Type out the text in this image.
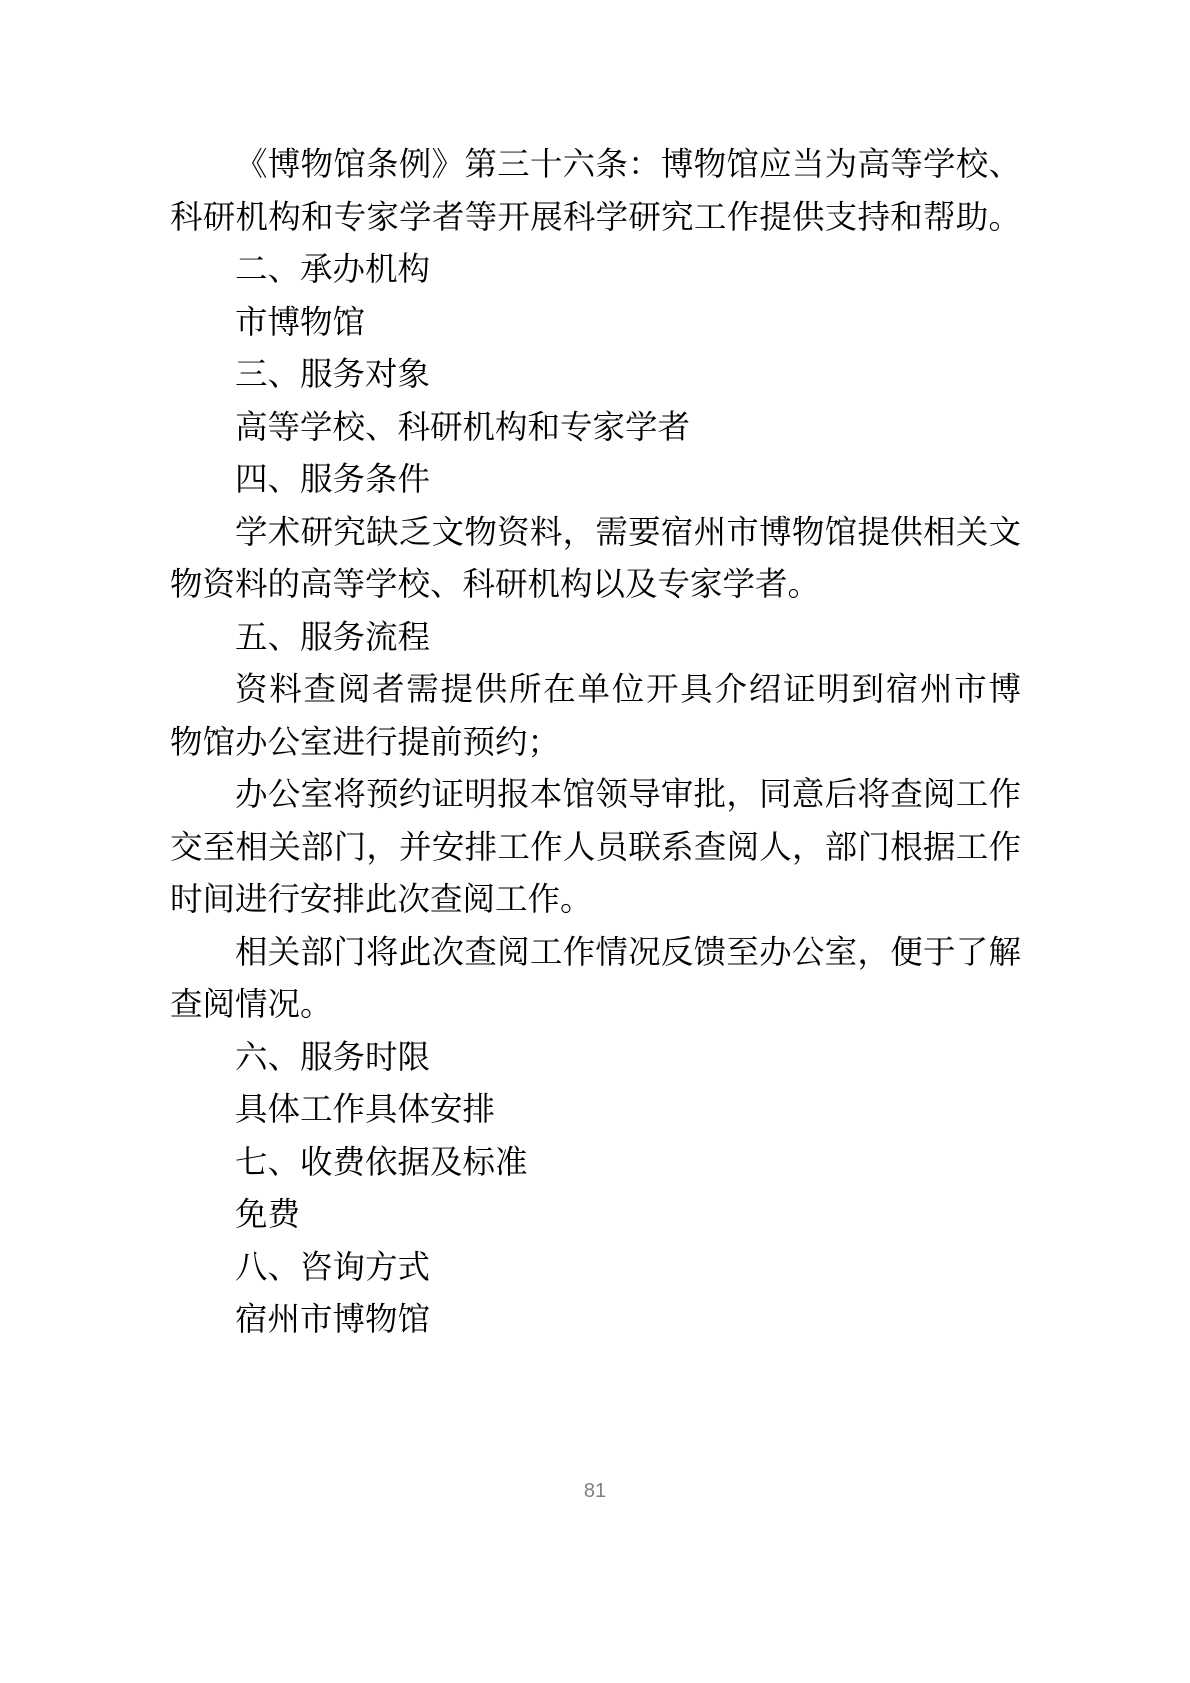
《博物馆条例》第三十六条：博物馆应当为高等学校、
科研机构和专家学者等开展科学研究工作提供支持和帮助。
二、承办机构
市博物馆
三、服务对象
高等学校、科研机构和专家学者
四、服务条件
学术研究缺乏文物资料，需要宿州市博物馆提供相关文
物资料的高等学校、科研机构以及专家学者。
五、服务流程
资料查阅者需提供所在单位开具介绍证明到宿州市博
物馆办公室进行提前预约；
办公室将预约证明报本馆领导审批，同意后将查阅工作
交至相关部门，并安排工作人员联系查阅人，部门根据工作
时间进行安排此次查阅工作。
相关部门将此次查阅工作情况反馈至办公室，便于了解
查阅情况。
六、服务时限
具体工作具体安排
七、收费依据及标准
免费
八、咨询方式
宿州市博物馆
81
